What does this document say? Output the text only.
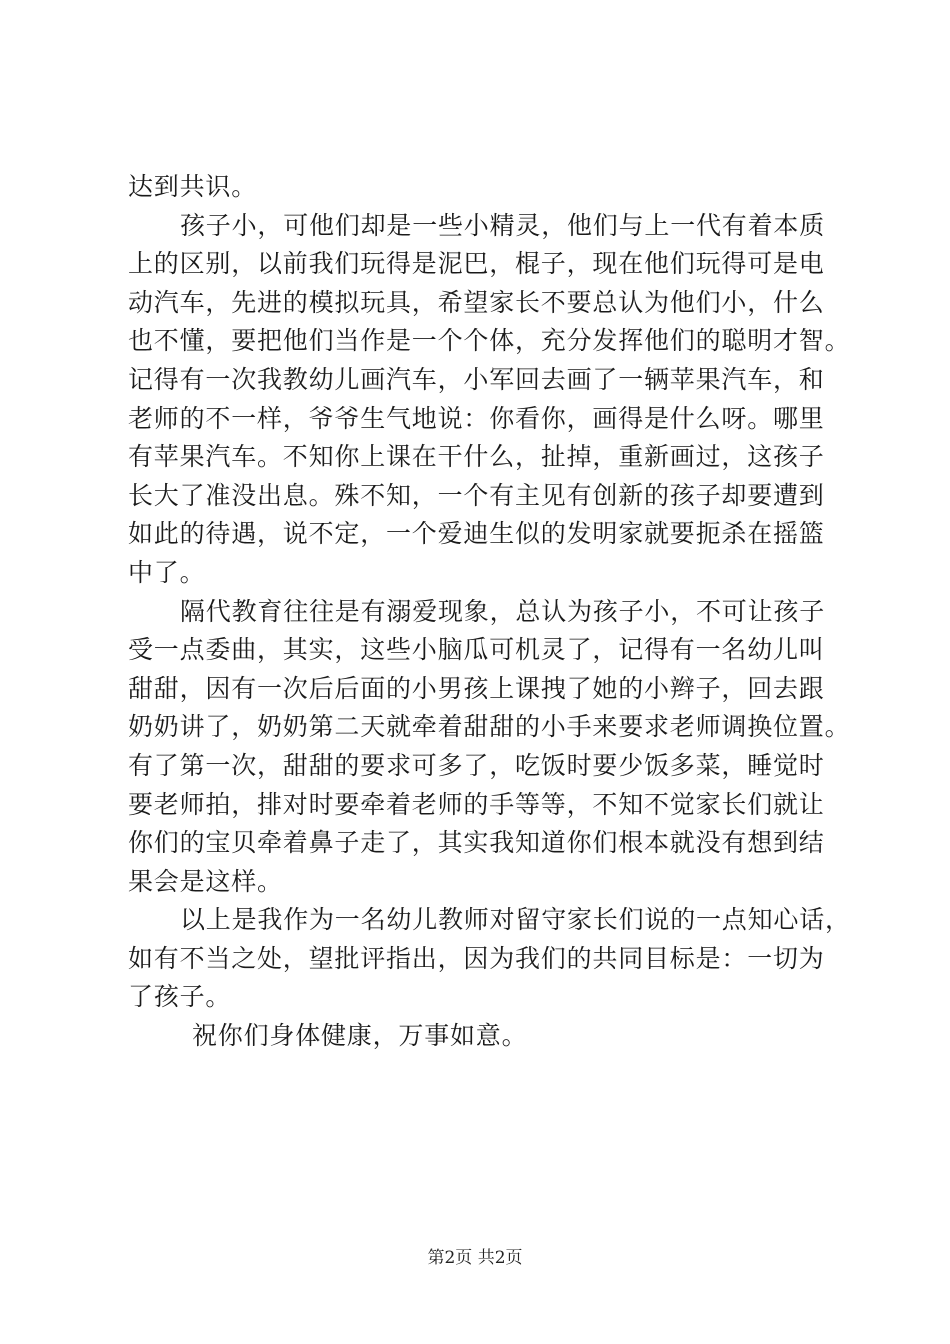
达到共识。
孩子小，可他们却是一些小精灵，他们与上一代有着本质
上的区别，以前我们玩得是泥巴，棍子，现在他们玩得可是电
动汽车，先进的模拟玩具，希望家长不要总认为他们小，什么
也不懂，要把他们当作是一个个体，充分发挥他们的聪明才智。
记得有一次我教幼儿画汽车，小军回去画了一辆苹果汽车，和
老师的不一样，爷爷生气地说：你看你，画得是什么呀。哪里
有苹果汽车。不知你上课在干什么，扯掉，重新画过，这孩子
长大了准没出息。殊不知，一个有主见有创新的孩子却要遭到
如此的待遇，说不定，一个爱迪生似的发明家就要扼杀在摇篮
中了。
隔代教育往往是有溺爱现象，总认为孩子小，不可让孩子
受一点委曲，其实，这些小脑瓜可机灵了，记得有一名幼儿叫
甜甜，因有一次后后面的小男孩上课拽了她的小辫子，回去跟
奶奶讲了，奶奶第二天就牵着甜甜的小手来要求老师调换位置。
有了第一次，甜甜的要求可多了，吃饭时要少饭多菜，睡觉时
要老师拍，排对时要牵着老师的手等等，不知不觉家长们就让
你们的宝贝牵着鼻子走了，其实我知道你们根本就没有想到结
果会是这样。
以上是我作为一名幼儿教师对留守家长们说的一点知心话，
如有不当之处，望批评指出，因为我们的共同目标是：一切为
了孩子。
祝你们身体健康，万事如意。
第2页 共2页
